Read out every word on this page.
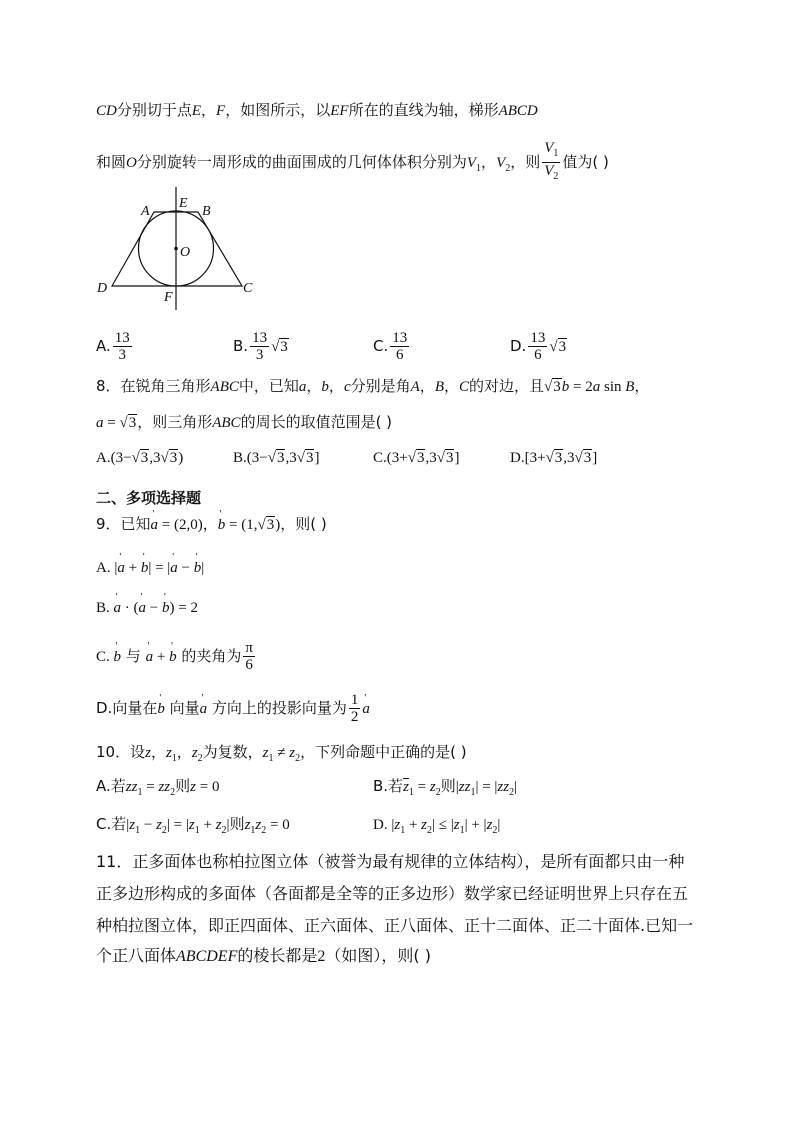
CD分别切于点E，F，如图所示，以EF所在的直线为轴，梯形ABCD
和圆O分别旋转一周形成的曲面围成的几何体体积分别为$V_1$，$V_2$，则 $\frac{V_1}{V_2}$ 值为( )
A
E
B
O
D
F
C
A. $\frac{13}{3}$	B. $\frac{13}{3} √3$	C. $\frac{13}{6}$	D. $\frac{13}{6} √3$
8．在锐角三角形ABC中，已知a，b，c分别是角A，B，C的对边，且√3b = 2a sin B，
a = √3，则三角形ABC的周长的取值范围是( )
A.(3−√3,3√3)	B.(3−√3,3√3]	C.(3+√3,3√3]	D.[3+√3,3√3]
二、多项选择题
9．已知' a = (2,0)，' b = (1,√3)，则( )
A. |' a + ' b| = |' a − ' b|
B. ' a · (' a − ' b) = 2
C. ' b 与 ' a + ' b 的夹角为 $\frac{\pi}{6}$
D.向量在' b 向量' a 方向上的投影向量为 $\frac{1}{2}$ ' a
10．设z，$z_1$，$z_2$为复数，$z_1 \ne z_2$，下列命题中正确的是( )
A.若$zz_1 = zz_2$则z = 0	B.若$\overline{z}_1 = z_2$则$|zz_1| = |zz_2|$
C.若$|z_1 - z_2| = |z_1 + z_2|$则$z_1z_2 = 0$	D. $|z_1 + z_2| \le |z_1| + |z_2|$
11．正多面体也称柏拉图立体（被誉为最有规律的立体结构），是所有面都只由一种
正多边形构成的多面体（各面都是全等的正多边形）数学家已经证明世界上只存在五
种柏拉图立体，即正四面体、正六面体、正八面体、正十二面体、正二十面体.已知一
个正八面体ABCDEF的棱长都是2（如图），则( )
